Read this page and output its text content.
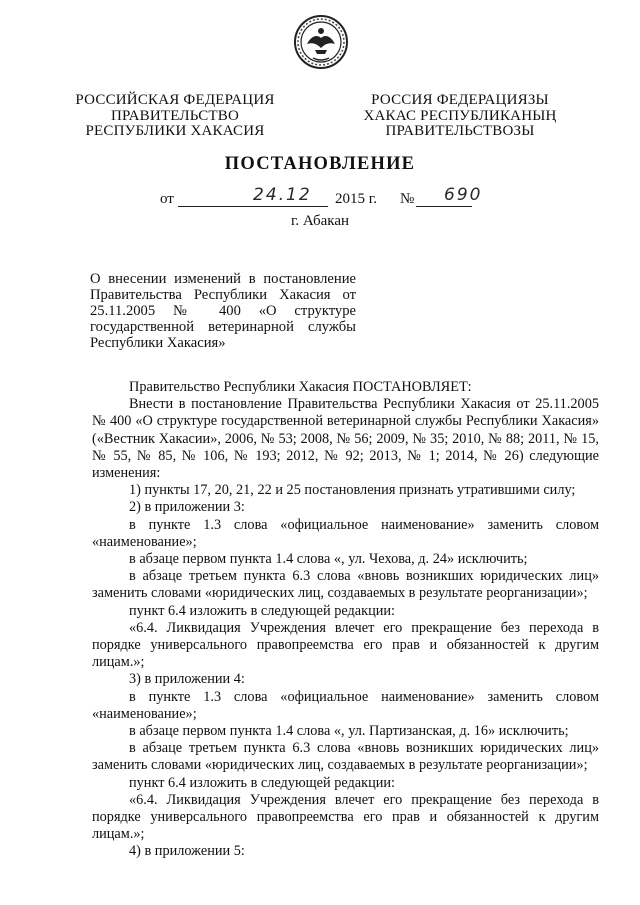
РОССИЙСКАЯ ФЕДЕРАЦИЯ
ПРАВИТЕЛЬСТВО
РЕСПУБЛИКИ ХАКАСИЯ
РОССИЯ ФЕДЕРАЦИЯЗЫ
ХАКАС РЕСПУБЛИКАНЫҢ
ПРАВИТЕЛЬСТВОЗЫ
ПОСТАНОВЛЕНИЕ
от	24.12 2015 г. № 690
г. Абакан
О внесении изменений в постановление
Правительства Республики Хакасия от
25.11.2005 № 400 «О структуре
государственной ветеринарной службы
Республики Хакасия»
Правительство Республики Хакасия ПОСТАНОВЛЯЕТ:
Внести в постановление Правительства Республики Хакасия от 25.11.2005 № 400 «О структуре государственной ветеринарной службы Республики Хакасия» («Вестник Хакасии», 2006, № 53; 2008, № 56; 2009, № 35; 2010, № 88; 2011, № 15, № 55, № 85, № 106, № 193; 2012, № 92; 2013, № 1; 2014, № 26) следующие изменения:
1) пункты 17, 20, 21, 22 и 25 постановления признать утратившими силу;
2) в приложении 3:
в пункте 1.3 слова «официальное наименование» заменить словом «наименование»;
в абзаце первом пункта 1.4 слова «, ул. Чехова, д. 24» исключить;
в абзаце третьем пункта 6.3 слова «вновь возникших юридических лиц» заменить словами «юридических лиц, создаваемых в результате реорганизации»;
пункт 6.4 изложить в следующей редакции:
«6.4. Ликвидация Учреждения влечет его прекращение без перехода в порядке универсального правопреемства его прав и обязанностей к другим лицам.»;
3) в приложении 4:
в пункте 1.3 слова «официальное наименование» заменить словом «наименование»;
в абзаце первом пункта 1.4 слова «, ул. Партизанская, д. 16» исключить;
в абзаце третьем пункта 6.3 слова «вновь возникших юридических лиц» заменить словами «юридических лиц, создаваемых в результате реорганизации»;
пункт 6.4 изложить в следующей редакции:
«6.4. Ликвидация Учреждения влечет его прекращение без перехода в порядке универсального правопреемства его прав и обязанностей к другим лицам.»;
4) в приложении 5:
